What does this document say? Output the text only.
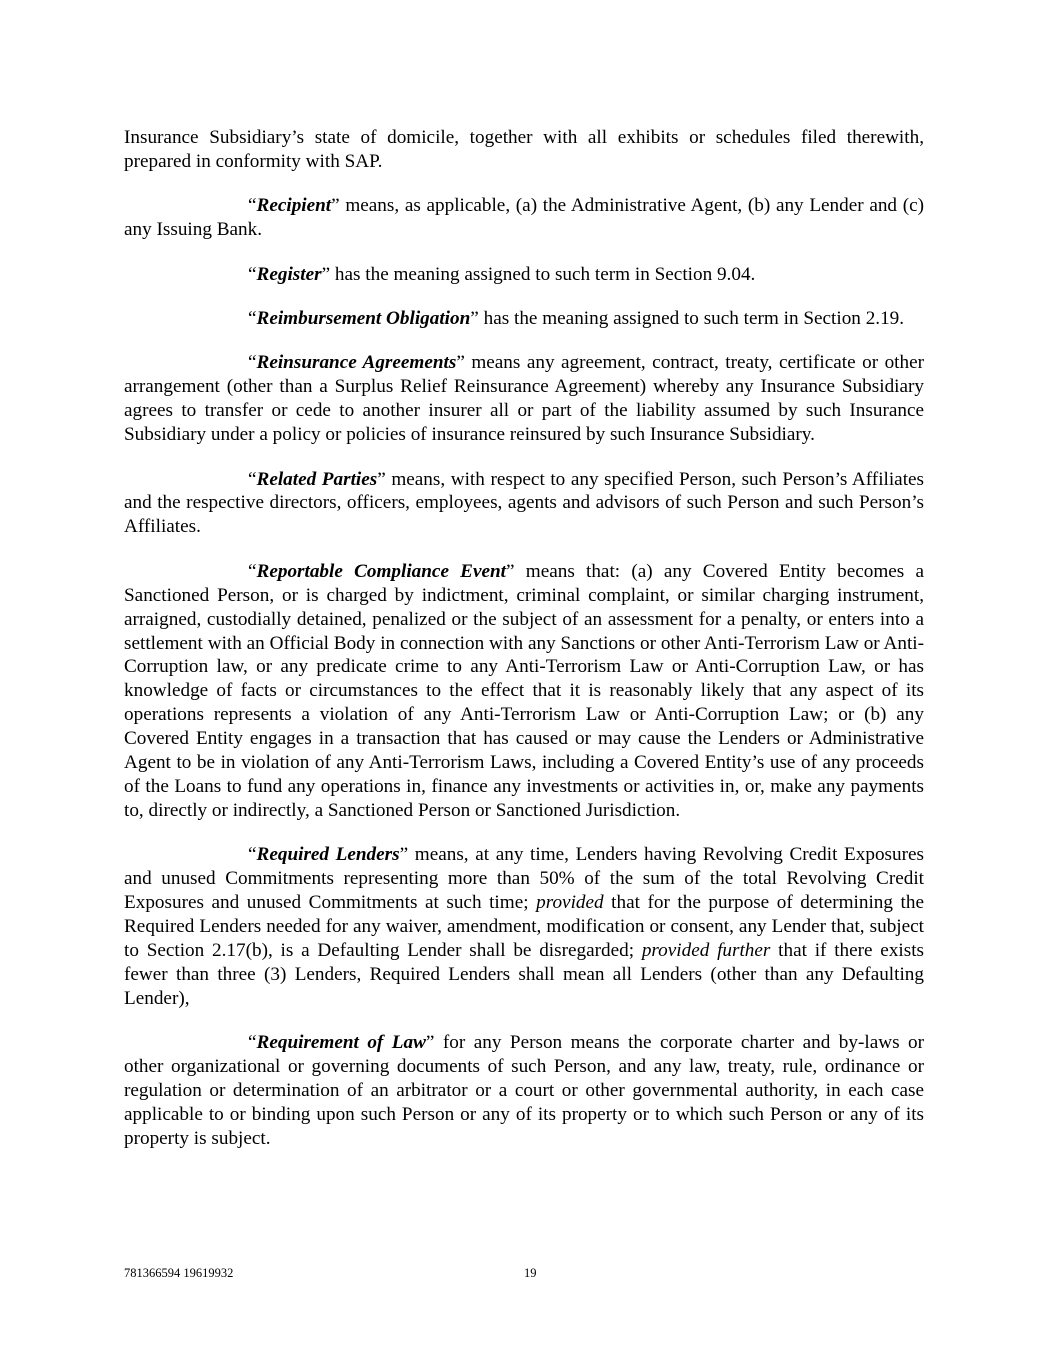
Insurance Subsidiary’s state of domicile, together with all exhibits or schedules filed therewith, prepared in conformity with SAP.

“Recipient” means, as applicable, (a) the Administrative Agent, (b) any Lender and (c) any Issuing Bank.

“Register” has the meaning assigned to such term in Section 9.04.

“Reimbursement Obligation” has the meaning assigned to such term in Section 2.19.

“Reinsurance Agreements” means any agreement, contract, treaty, certificate or other arrangement (other than a Surplus Relief Reinsurance Agreement) whereby any Insurance Subsidiary agrees to transfer or cede to another insurer all or part of the liability assumed by such Insurance Subsidiary under a policy or policies of insurance reinsured by such Insurance Subsidiary.

“Related Parties” means, with respect to any specified Person, such Person’s Affiliates and the respective directors, officers, employees, agents and advisors of such Person and such Person’s Affiliates.

“Reportable Compliance Event” means that: (a) any Covered Entity becomes a Sanctioned Person, or is charged by indictment, criminal complaint, or similar charging instrument, arraigned, custodially detained, penalized or the subject of an assessment for a penalty, or enters into a settlement with an Official Body in connection with any Sanctions or other Anti-Terrorism Law or Anti-Corruption law, or any predicate crime to any Anti-Terrorism Law or Anti-Corruption Law, or has knowledge of facts or circumstances to the effect that it is reasonably likely that any aspect of its operations represents a violation of any Anti-Terrorism Law or Anti-Corruption Law; or (b) any Covered Entity engages in a transaction that has caused or may cause the Lenders or Administrative Agent to be in violation of any Anti-Terrorism Laws, including a Covered Entity’s use of any proceeds of the Loans to fund any operations in, finance any investments or activities in, or, make any payments to, directly or indirectly, a Sanctioned Person or Sanctioned Jurisdiction.

“Required Lenders” means, at any time, Lenders having Revolving Credit Exposures and unused Commitments representing more than 50% of the sum of the total Revolving Credit Exposures and unused Commitments at such time; provided that for the purpose of determining the Required Lenders needed for any waiver, amendment, modification or consent, any Lender that, subject to Section 2.17(b), is a Defaulting Lender shall be disregarded; provided further that if there exists fewer than three (3) Lenders, Required Lenders shall mean all Lenders (other than any Defaulting Lender),

“Requirement of Law” for any Person means the corporate charter and by-laws or other organizational or governing documents of such Person, and any law, treaty, rule, ordinance or regulation or determination of an arbitrator or a court or other governmental authority, in each case applicable to or binding upon such Person or any of its property or to which such Person or any of its property is subject.

781366594 19619932	19
